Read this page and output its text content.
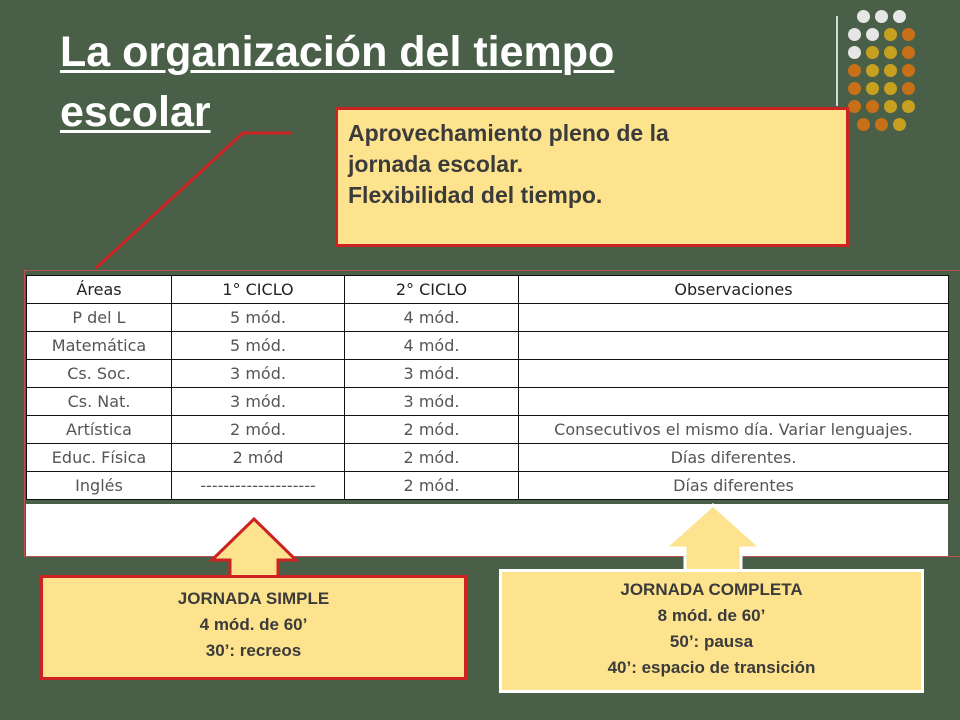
La organización del tiempo escolar	Aprovechamiento pleno de la
jornada escolar.
Flexibilidad del tiempo.
Áreas	1° CICLO	2° CICLO	Observaciones
P del L	5 mód.	4 mód.	
Matemática	5 mód.	4 mód.	
Cs. Soc.	3 mód.	3 mód.	
Cs. Nat.	3 mód.	3 mód.	
Artística	2 mód.	2 mód.	Consecutivos el mismo día. Variar lenguajes.
Educ. Física	2 mód	2 mód.	Días diferentes.
Inglés	--------------------	2 mód.	Días diferentes
JORNADA SIMPLE
4 mód. de 60’
30’: recreos
JORNADA COMPLETA
8 mód. de 60’
50’: pausa
40’: espacio de transición
